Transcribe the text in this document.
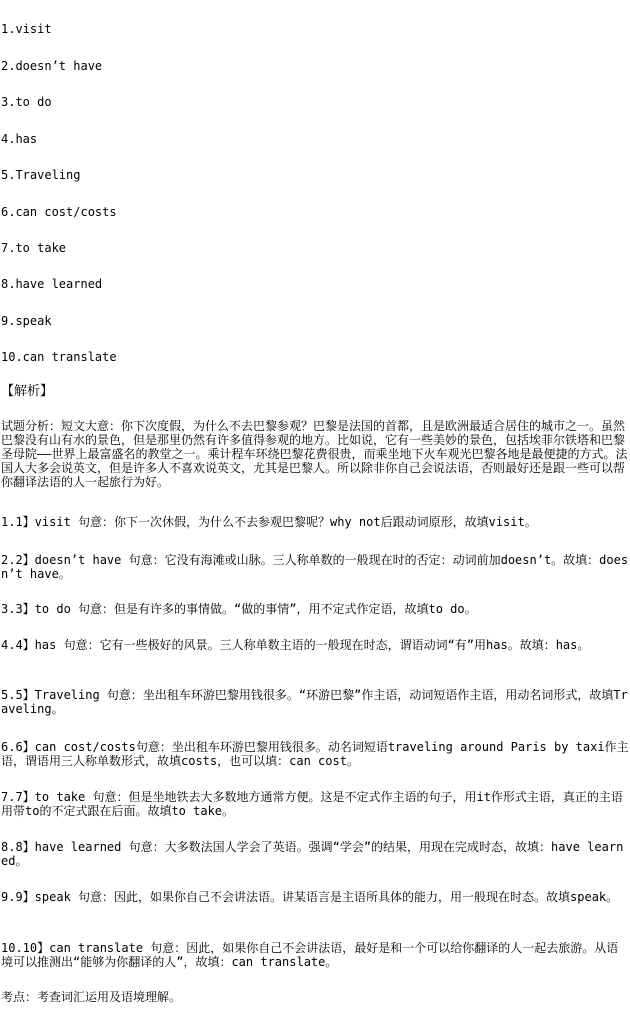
1.visit
2.doesn’t have
3.to do
4.has
5.Traveling
6.can cost/costs
7.to take
8.have learned
9.speak
10.can translate
【解析】
试题分析：短文大意：你下次度假，为什么不去巴黎参观？巴黎是法国的首都，且是欧洲最适合居住的城市之一。虽然巴黎没有山有水的景色，但是那里仍然有许多值得参观的地方。比如说，它有一些美妙的景色，包括埃菲尔铁塔和巴黎圣母院——世界上最富盛名的教堂之一。乘计程车环绕巴黎花费很贵，而乘坐地下火车观光巴黎各地是最便捷的方式。法国人大多会说英文，但是许多人不喜欢说英文，尤其是巴黎人。所以除非你自己会说法语，否则最好还是跟一些可以帮你翻译法语的人一起旅行为好。
1.1】visit 句意：你下一次休假，为什么不去参观巴黎呢？why not后跟动词原形，故填visit。
2.2】doesn’t have 句意：它没有海滩或山脉。三人称单数的一般现在时的否定：动词前加doesn’t。故填：doesn’t have。
3.3】to do 句意：但是有许多的事情做。“做的事情”，用不定式作定语，故填to do。
4.4】has 句意：它有一些极好的风景。三人称单数主语的一般现在时态，谓语动词“有”用has。故填：has。
5.5】Traveling 句意：坐出租车环游巴黎用钱很多。“环游巴黎”作主语，动词短语作主语，用动名词形式，故填Traveling。
6.6】can cost/costs句意：坐出租车环游巴黎用钱很多。动名词短语traveling around Paris by taxi作主语，谓语用三人称单数形式，故填costs，也可以填：can cost。
7.7】to take 句意：但是坐地铁去大多数地方通常方便。这是不定式作主语的句子，用it作形式主语，真正的主语用带to的不定式跟在后面。故填to take。
8.8】have learned 句意：大多数法国人学会了英语。强调“学会”的结果，用现在完成时态，故填：have learned。
9.9】speak 句意：因此，如果你自己不会讲法语。讲某语言是主语所具体的能力，用一般现在时态。故填speak。
10.10】can translate 句意：因此，如果你自己不会讲法语，最好是和一个可以给你翻译的人一起去旅游。从语境可以推测出“能够为你翻译的人”，故填：can translate。
考点：考查词汇运用及语境理解。
